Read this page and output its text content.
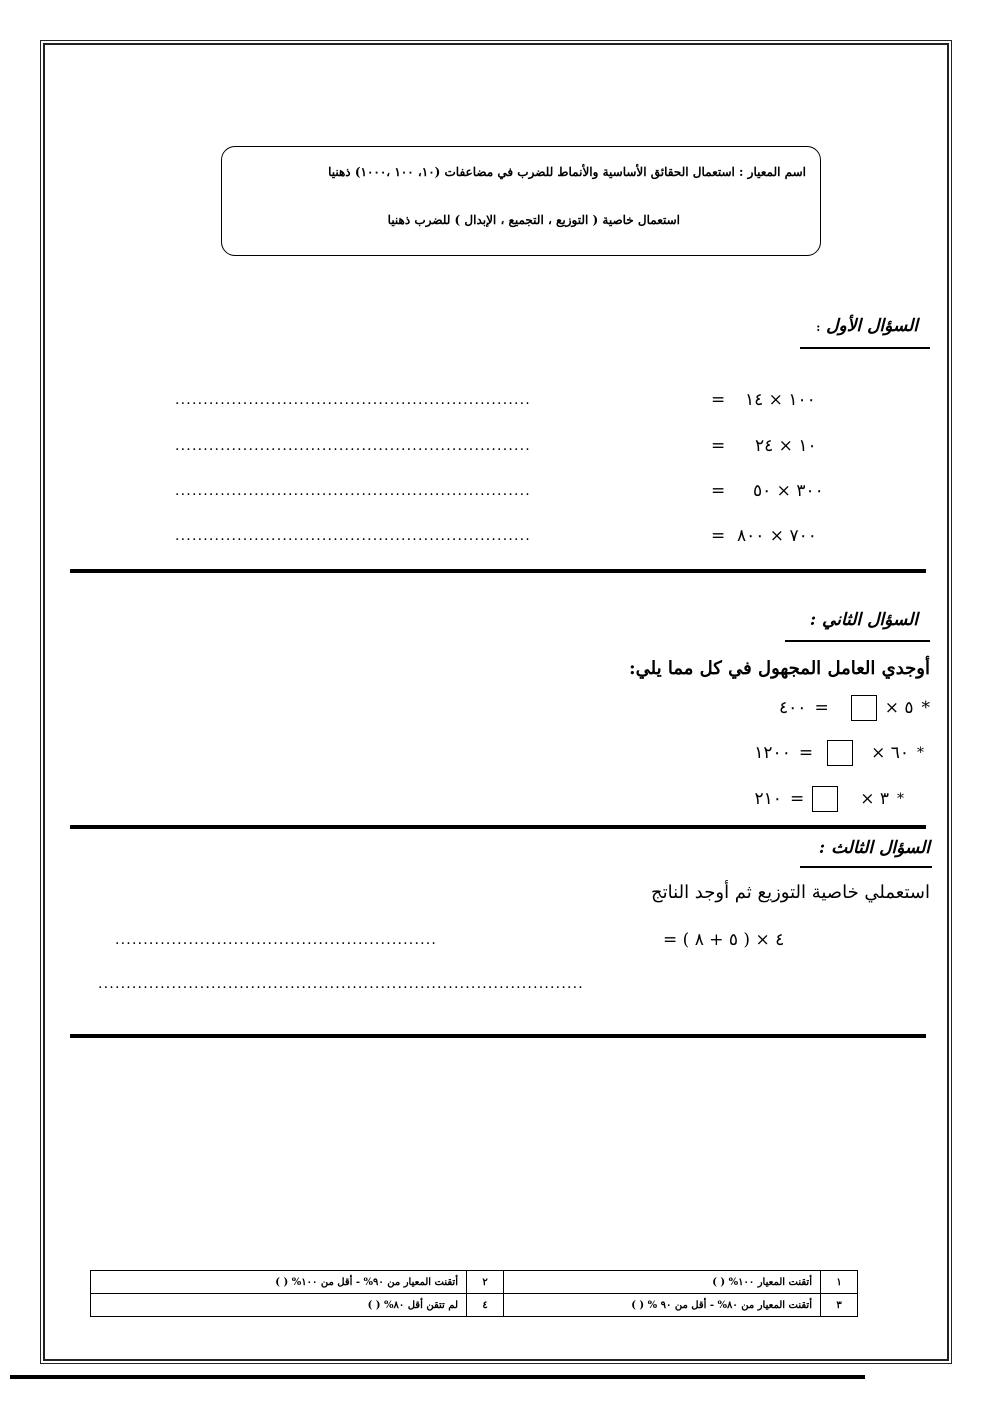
اسم المعيار : استعمال الحقائق الأساسية والأنماط للضرب في مضاعفات (١٠، ١٠٠ ،١٠٠٠) ذهنيا
استعمال خاصية ( التوزيع ، التجميع ، الإبدال ) للضرب ذهنيا
السؤال الأول :
...............................................................	= ١٠٠ × ١٤
...............................................................	= ١٠ × ٢٤
...............................................................	= ٣٠٠ × ٥٠
...............................................................	= ٧٠٠ × ٨٠٠
السؤال الثاني :
أوجدي العامل المجهول في كل مما يلي:
*
٥ ×
=
٤٠٠
*
٦٠ ×
=
١٢٠٠
*
٣ ×
=
٢١٠
السؤال الثالث :
استعملي خاصية التوزيع ثم أوجد الناتج
.........................................................	٤ × ( ٥ + ٨ ) =
......................................................................................
١	أتقنت المعيار ١٠٠% ( )	٢	أتقنت المعيار من ٩٠% - أقل من ١٠٠% ( )
٣	أتقنت المعيار من ٨٠% - أقل من ٩٠ % ( )	٤	لم تتقن أقل ٨٠% ( )
